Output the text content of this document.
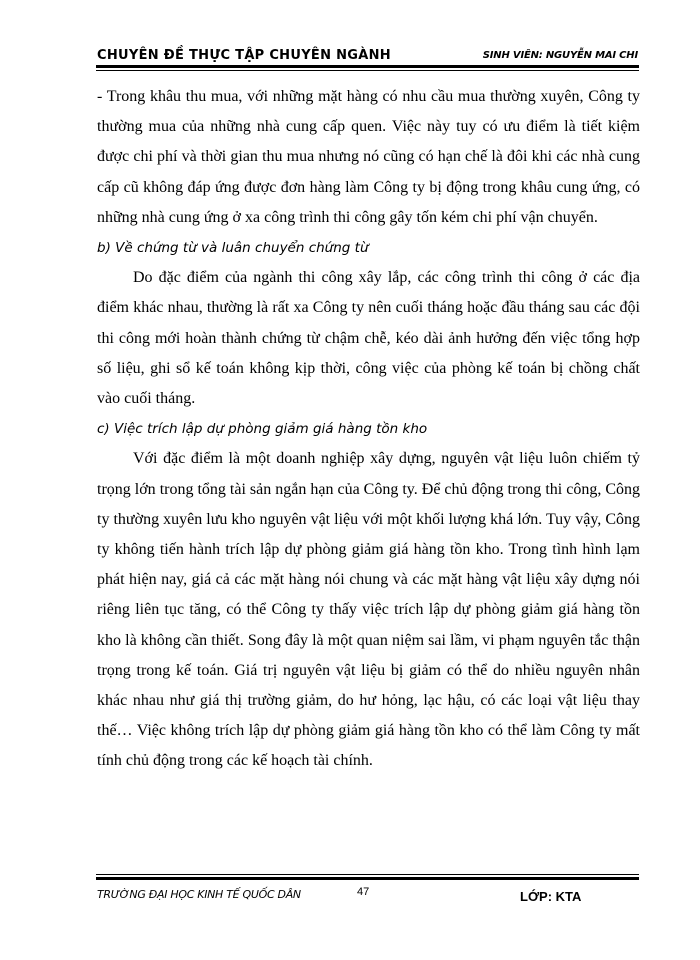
CHUYÊN ĐỀ THỰC TẬP CHUYÊN NGÀNH	SINH VIÊN: NGUYỄN MAI CHI

- Trong khâu thu mua, với những mặt hàng có nhu cầu mua thường xuyên, Công ty thường mua của những nhà cung cấp quen. Việc này tuy có ưu điểm là tiết kiệm được chi phí và thời gian thu mua nhưng nó cũng có hạn chế là đôi khi các nhà cung cấp cũ không đáp ứng được đơn hàng làm Công ty bị động trong khâu cung ứng, có những nhà cung ứng ở xa công trình thi công gây tốn kém chi phí vận chuyển.

b) Về chứng từ và luân chuyển chứng từ

Do đặc điểm của ngành thi công xây lắp, các công trình thi công ở các địa điểm khác nhau, thường là rất xa Công ty nên cuối tháng hoặc đầu tháng sau các đội thi công mới hoàn thành chứng từ chậm chễ, kéo dài ảnh hưởng đến việc tổng hợp số liệu, ghi sổ kế toán không kịp thời, công việc của phòng kế toán bị chồng chất vào cuối tháng.

c) Việc trích lập dự phòng giảm giá hàng tồn kho

Với đặc điểm là một doanh nghiệp xây dựng, nguyên vật liệu luôn chiếm tỷ trọng lớn trong tổng tài sản ngắn hạn của Công ty. Để chủ động trong thi công, Công ty thường xuyên lưu kho nguyên vật liệu với một khối lượng khá lớn. Tuy vậy, Công ty không tiến hành trích lập dự phòng giảm giá hàng tồn kho. Trong tình hình lạm phát hiện nay, giá cả các mặt hàng nói chung và các mặt hàng vật liệu xây dựng nói riêng liên tục tăng, có thể Công ty thấy việc trích lập dự phòng giảm giá hàng tồn kho là không cần thiết. Song đây là một quan niệm sai lầm, vi phạm nguyên tắc thận trọng trong kế toán. Giá trị nguyên vật liệu bị giảm có thể do nhiều nguyên nhân khác nhau như giá thị trường giảm, do hư hỏng, lạc hậu, có các loại vật liệu thay thế… Việc không trích lập dự phòng giảm giá hàng tồn kho có thể làm Công ty mất tính chủ động trong các kế hoạch tài chính.

TRƯỜNG ĐẠI HỌC KINH TẾ QUỐC DÂN	47	LỚP: KTA
